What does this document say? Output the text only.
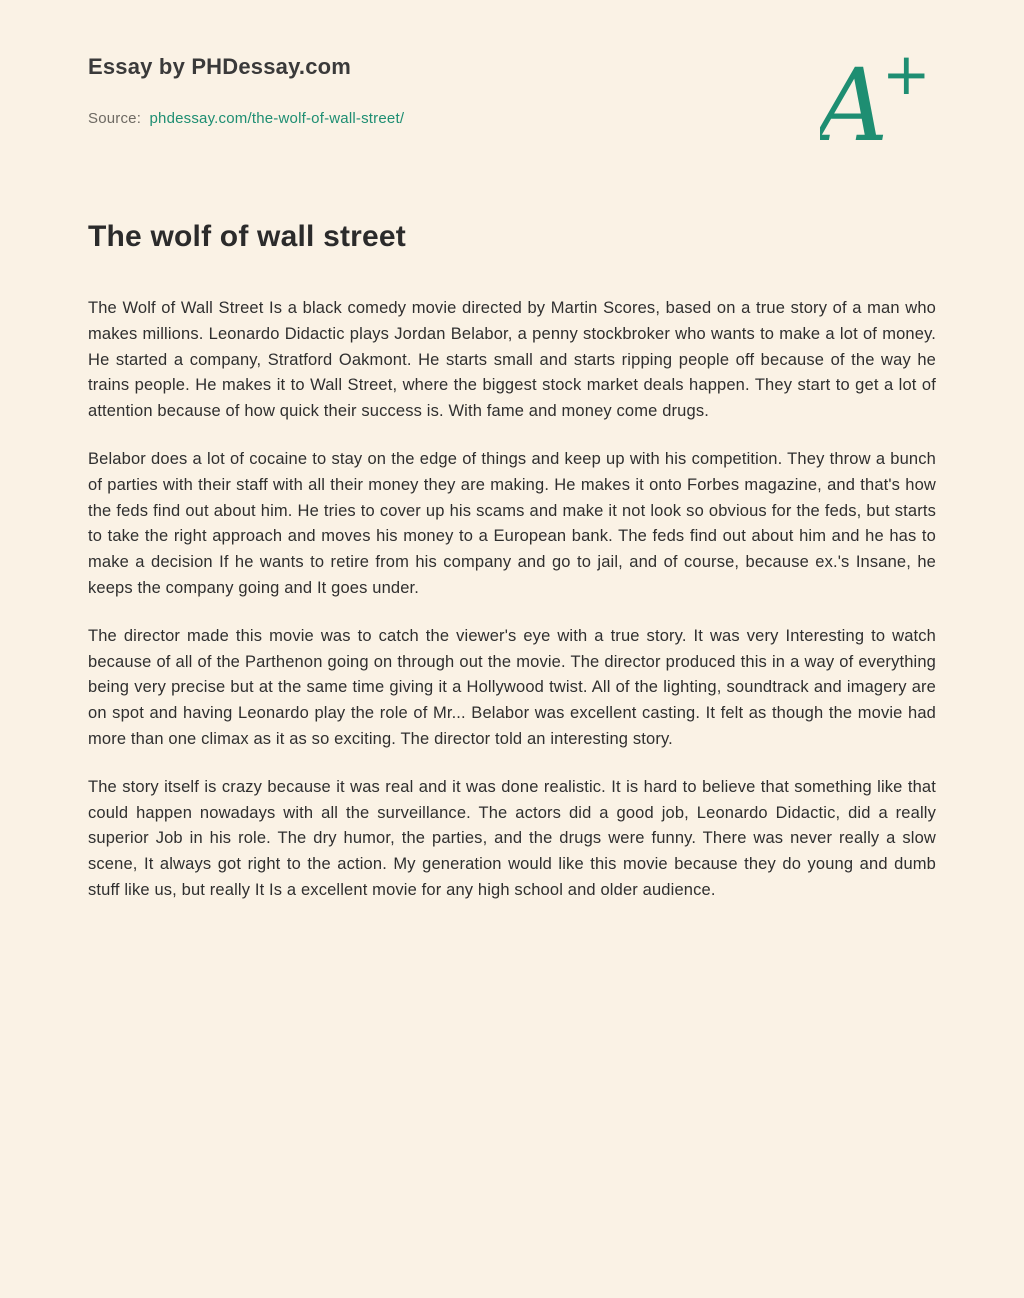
Essay by PHDessay.com
Source: phdessay.com/the-wolf-of-wall-street/	A
+
The wolf of wall street

The Wolf of Wall Street Is a black comedy movie directed by Martin Scores, based on a true story of a man who makes millions. Leonardo Didactic plays Jordan Belabor, a penny stockbroker who wants to make a lot of money. He started a company, Stratford Oakmont. He starts small and starts ripping people off because of the way he trains people. He makes it to Wall Street, where the biggest stock market deals happen. They start to get a lot of attention because of how quick their success is. With fame and money come drugs.

Belabor does a lot of cocaine to stay on the edge of things and keep up with his competition. They throw a bunch of parties with their staff with all their money they are making. He makes it onto Forbes magazine, and that's how the feds find out about him. He tries to cover up his scams and make it not look so obvious for the feds, but starts to take the right approach and moves his money to a European bank. The feds find out about him and he has to make a decision If he wants to retire from his company and go to jail, and of course, because ex.'s Insane, he keeps the company going and It goes under.

The director made this movie was to catch the viewer's eye with a true story. It was very Interesting to watch because of all of the Parthenon going on through out the movie. The director produced this in a way of everything being very precise but at the same time giving it a Hollywood twist. All of the lighting, soundtrack and imagery are on spot and having Leonardo play the role of Mr... Belabor was excellent casting. It felt as though the movie had more than one climax as it as so exciting. The director told an interesting story.

The story itself is crazy because it was real and it was done realistic. It is hard to believe that something like that could happen nowadays with all the surveillance. The actors did a good job, Leonardo Didactic, did a really superior Job in his role. The dry humor, the parties, and the drugs were funny. There was never really a slow scene, It always got right to the action. My generation would like this movie because they do young and dumb stuff like us, but really It Is a excellent movie for any high school and older audience.
